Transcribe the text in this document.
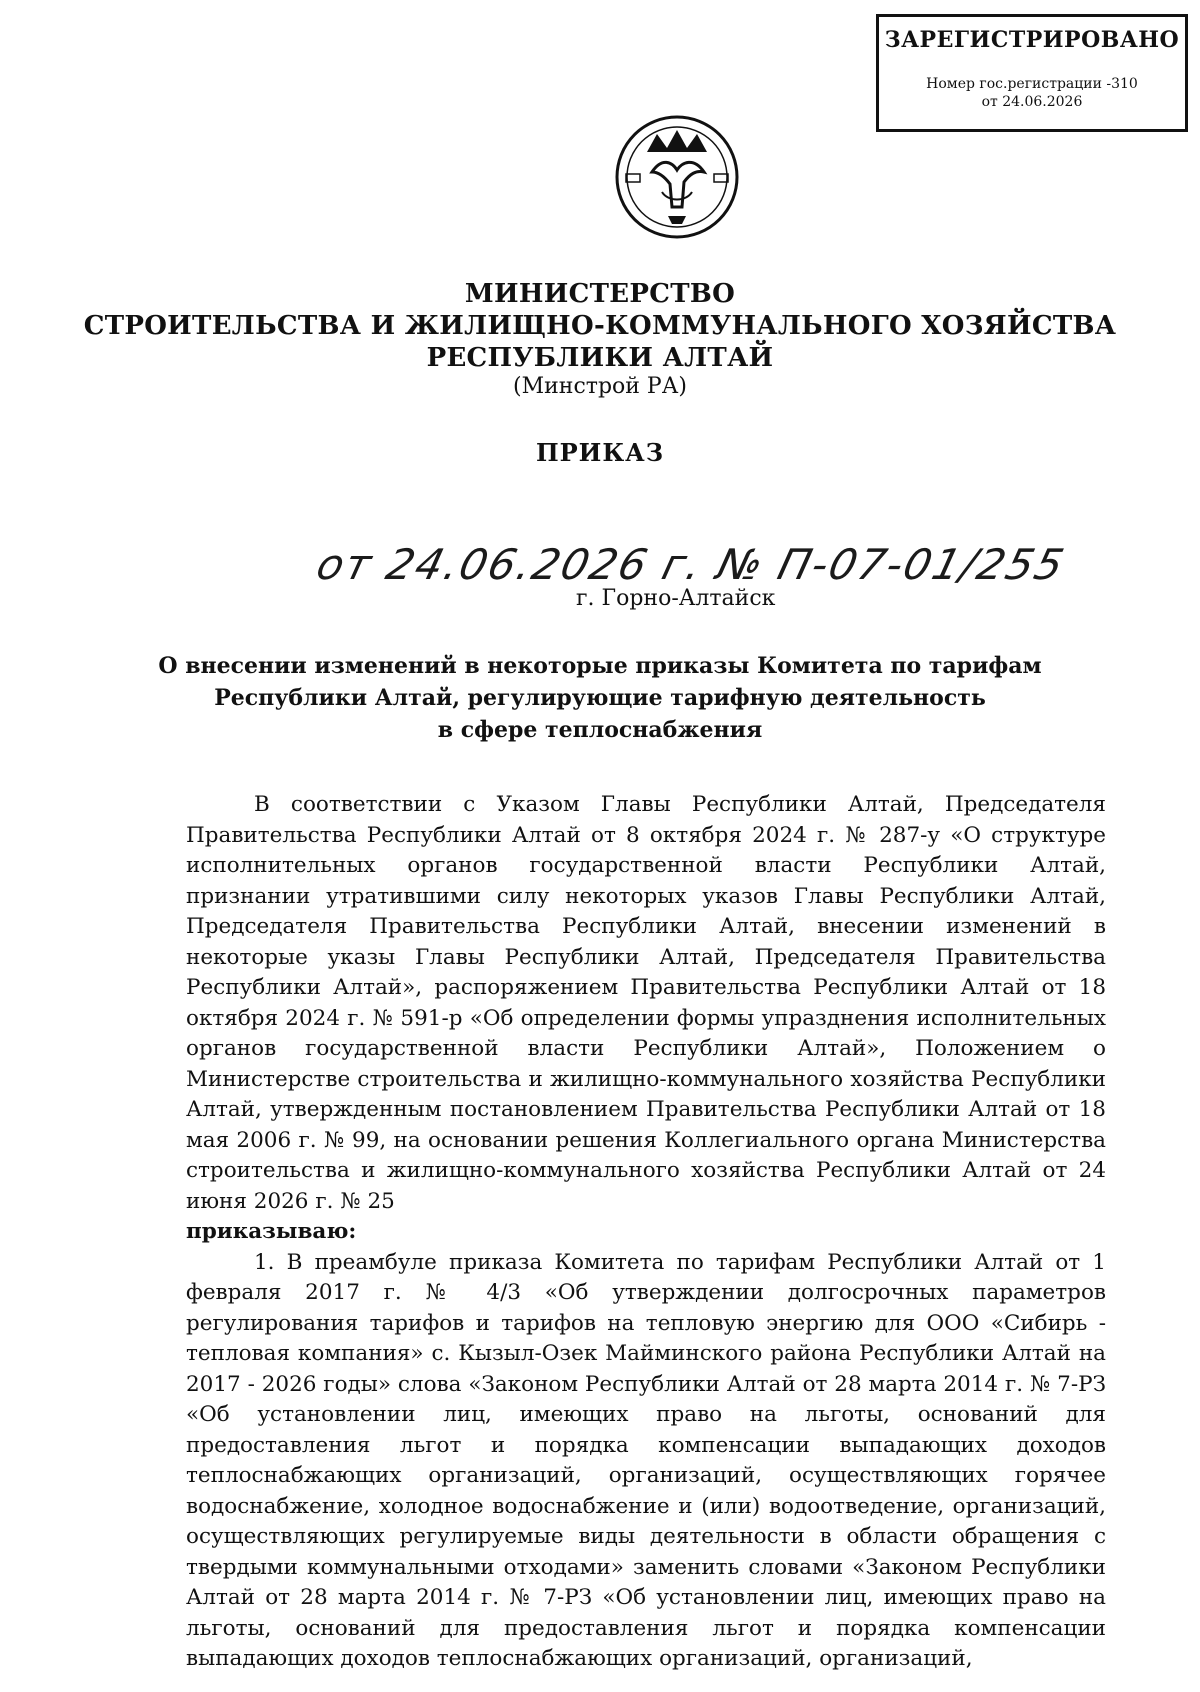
ЗАРЕГИСТРИРОВАНО
Номер гос.регистрации -310
от 24.06.2026
МИНИСТЕРСТВО
СТРОИТЕЛЬСТВА И ЖИЛИЩНО-КОММУНАЛЬНОГО ХОЗЯЙСТВА
РЕСПУБЛИКИ АЛТАЙ
(Минстрой РА)
ПРИКАЗ
от 24.06.2026 г. № П-07-01/255
г. Горно-Алтайск
О внесении изменений в некоторые приказы Комитета по тарифам
Республики Алтай, регулирующие тарифную деятельность
в сфере теплоснабжения

В соответствии с Указом Главы Республики Алтай, Председателя Правительства Республики Алтай от 8 октября 2024 г. № 287-у «О структуре исполнительных органов государственной власти Республики Алтай, признании утратившими силу некоторых указов Главы Республики Алтай, Председателя Правительства Республики Алтай, внесении изменений в некоторые указы Главы Республики Алтай, Председателя Правительства Республики Алтай», распоряжением Правительства Республики Алтай от 18 октября 2024 г. № 591-р «Об определении формы упразднения исполнительных органов государственной власти Республики Алтай», Положением о Министерстве строительства и жилищно-коммунального хозяйства Республики Алтай, утвержденным постановлением Правительства Республики Алтай от 18 мая 2006 г. № 99, на основании решения Коллегиального органа Министерства строительства и жилищно-коммунального хозяйства Республики Алтай от 24 июня 2026 г. № 25

приказываю:

1. В преамбуле приказа Комитета по тарифам Республики Алтай от 1 февраля 2017 г. № 4/3 «Об утверждении долгосрочных параметров регулирования тарифов и тарифов на тепловую энергию для ООО «Сибирь - тепловая компания» с. Кызыл-Озек Майминского района Республики Алтай на 2017 - 2026 годы» слова «Законом Республики Алтай от 28 марта 2014 г. № 7-РЗ «Об установлении лиц, имеющих право на льготы, оснований для предоставления льгот и порядка компенсации выпадающих доходов теплоснабжающих организаций, организаций, осуществляющих горячее водоснабжение, холодное водоснабжение и (или) водоотведение, организаций, осуществляющих регулируемые виды деятельности в области обращения с твердыми коммунальными отходами» заменить словами «Законом Республики Алтай от 28 марта 2014 г. № 7-РЗ «Об установлении лиц, имеющих право на льготы, оснований для предоставления льгот и порядка компенсации выпадающих доходов теплоснабжающих организаций, организаций,
